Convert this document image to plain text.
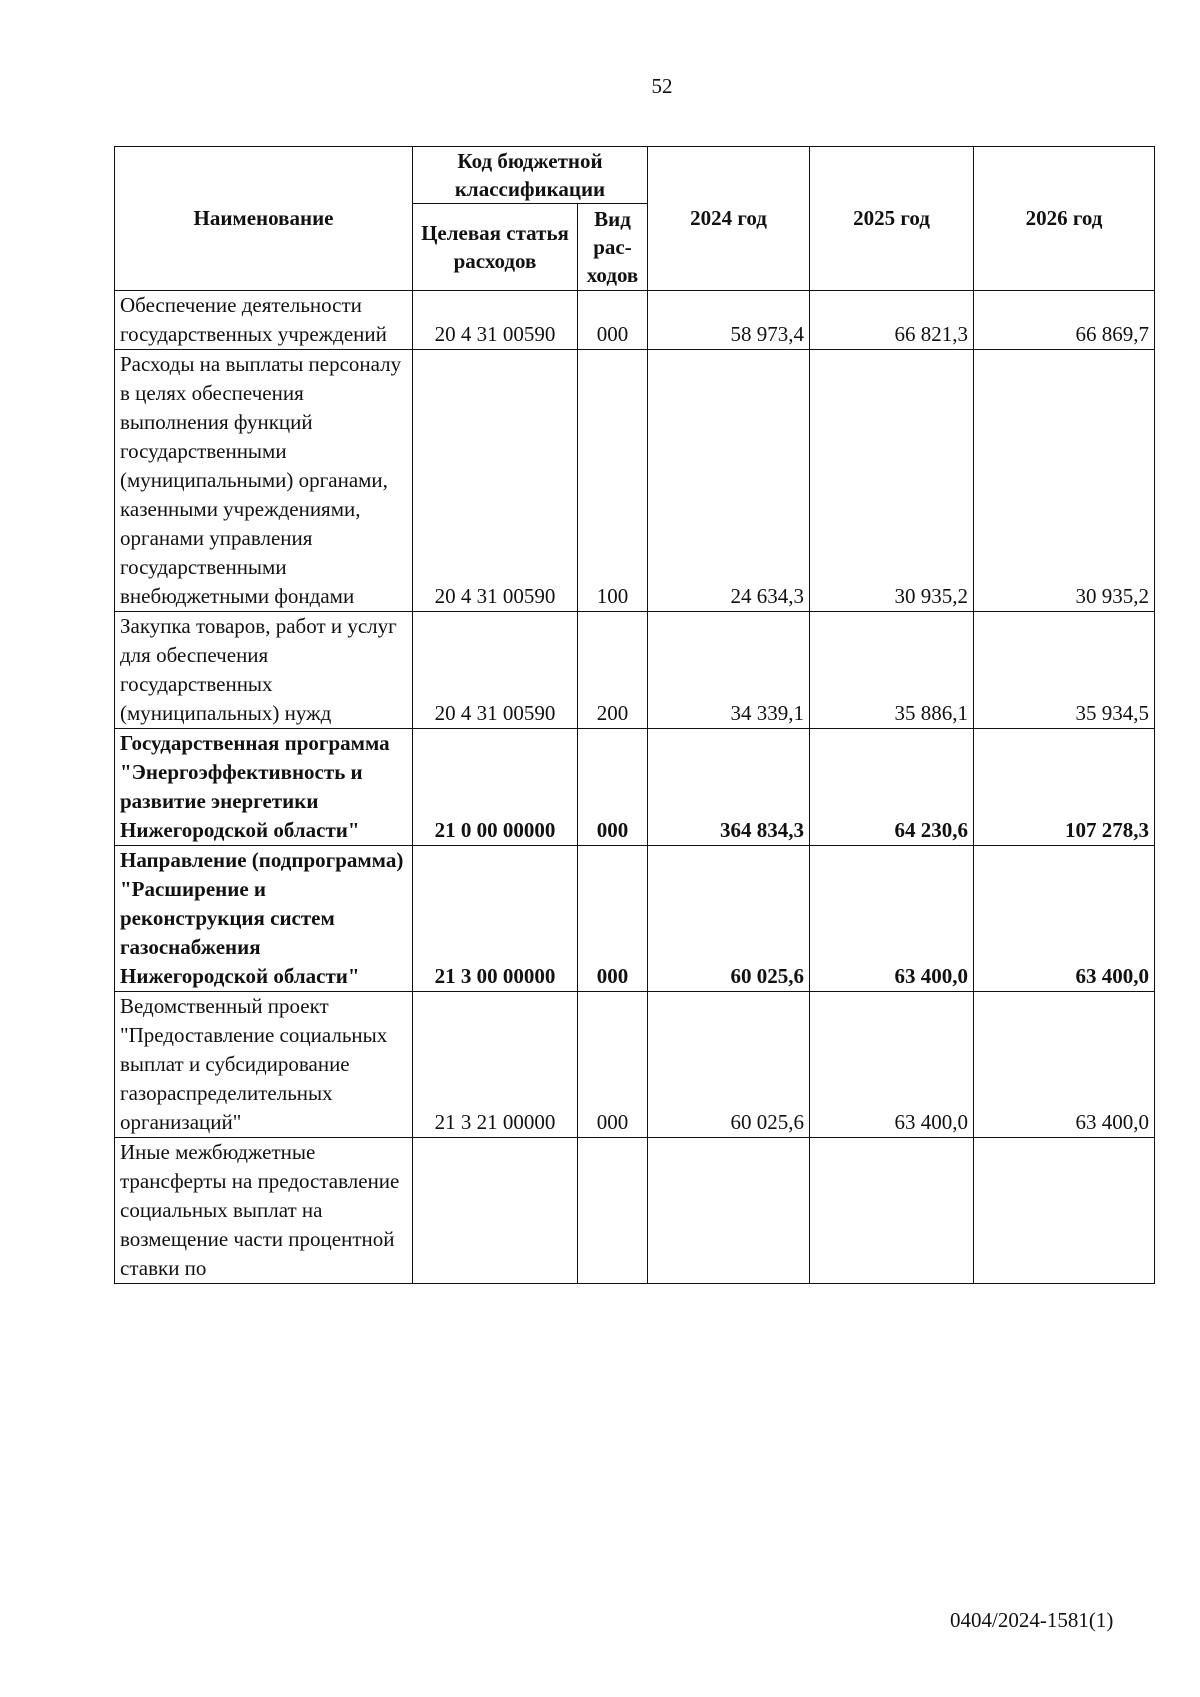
52
Наименование	Код бюджетной классификации		2024 год	2025 год	2026 год
	Целевая статья расходов	Вид рас-ходов			
Обеспечение деятельности государственных учреждений	20 4 31 00590	000	58 973,4	66 821,3	66 869,7
Расходы на выплаты персоналу в целях обеспечения выполнения функций государственными (муниципальными) органами, казенными учреждениями, органами управления государственными внебюджетными фондами	20 4 31 00590	100	24 634,3	30 935,2	30 935,2
Закупка товаров, работ и услуг для обеспечения государственных (муниципальных) нужд	20 4 31 00590	200	34 339,1	35 886,1	35 934,5
Государственная программа "Энергоэффективность и развитие энергетики Нижегородской области"	21 0 00 00000	000	364 834,3	64 230,6	107 278,3
Направление (подпрограмма) "Расширение и реконструкция систем газоснабжения Нижегородской области"	21 3 00 00000	000	60 025,6	63 400,0	63 400,0
Ведомственный проект "Предоставление социальных выплат и субсидирование газораспределительных организаций"	21 3 21 00000	000	60 025,6	63 400,0	63 400,0
Иные межбюджетные трансферты на предоставление социальных выплат на возмещение части процентной ставки по					
0404/2024-1581(1)
